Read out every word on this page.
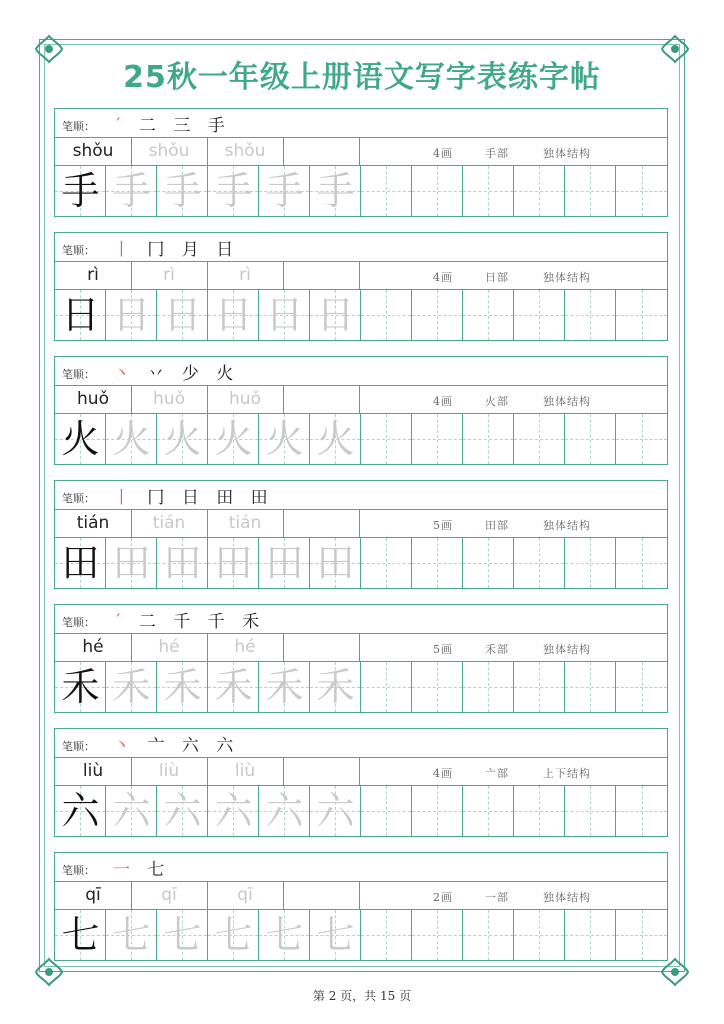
25秋一年级上册语文写字表练字帖
笔顺： ˊ 二 三 手
shǒu	shǒu	shǒu	4画	手部	独体结构
手 手 手 手 手 手
笔顺： 丨 冂 月 日
rì	rì	rì	4画	日部	独体结构
日 日 日 日 日 日
笔顺： 丶 丷 少 火
huǒ	huǒ	huǒ	4画	火部	独体结构
火 火 火 火 火 火
笔顺： 丨 冂 日 田 田
tián	tián	tián	5画	田部	独体结构
田 田 田 田 田 田
笔顺： ˊ 二 千 千 禾
hé	hé	hé	5画	禾部	独体结构
禾 禾 禾 禾 禾 禾
笔顺： 丶 亠 六 六
liù	liù	liù	4画	亠部	上下结构
六 六 六 六 六 六
笔顺： 一 七
qī	qī	qī	2画	一部	独体结构
七 七 七 七 七 七
第 2 页，共 15 页
